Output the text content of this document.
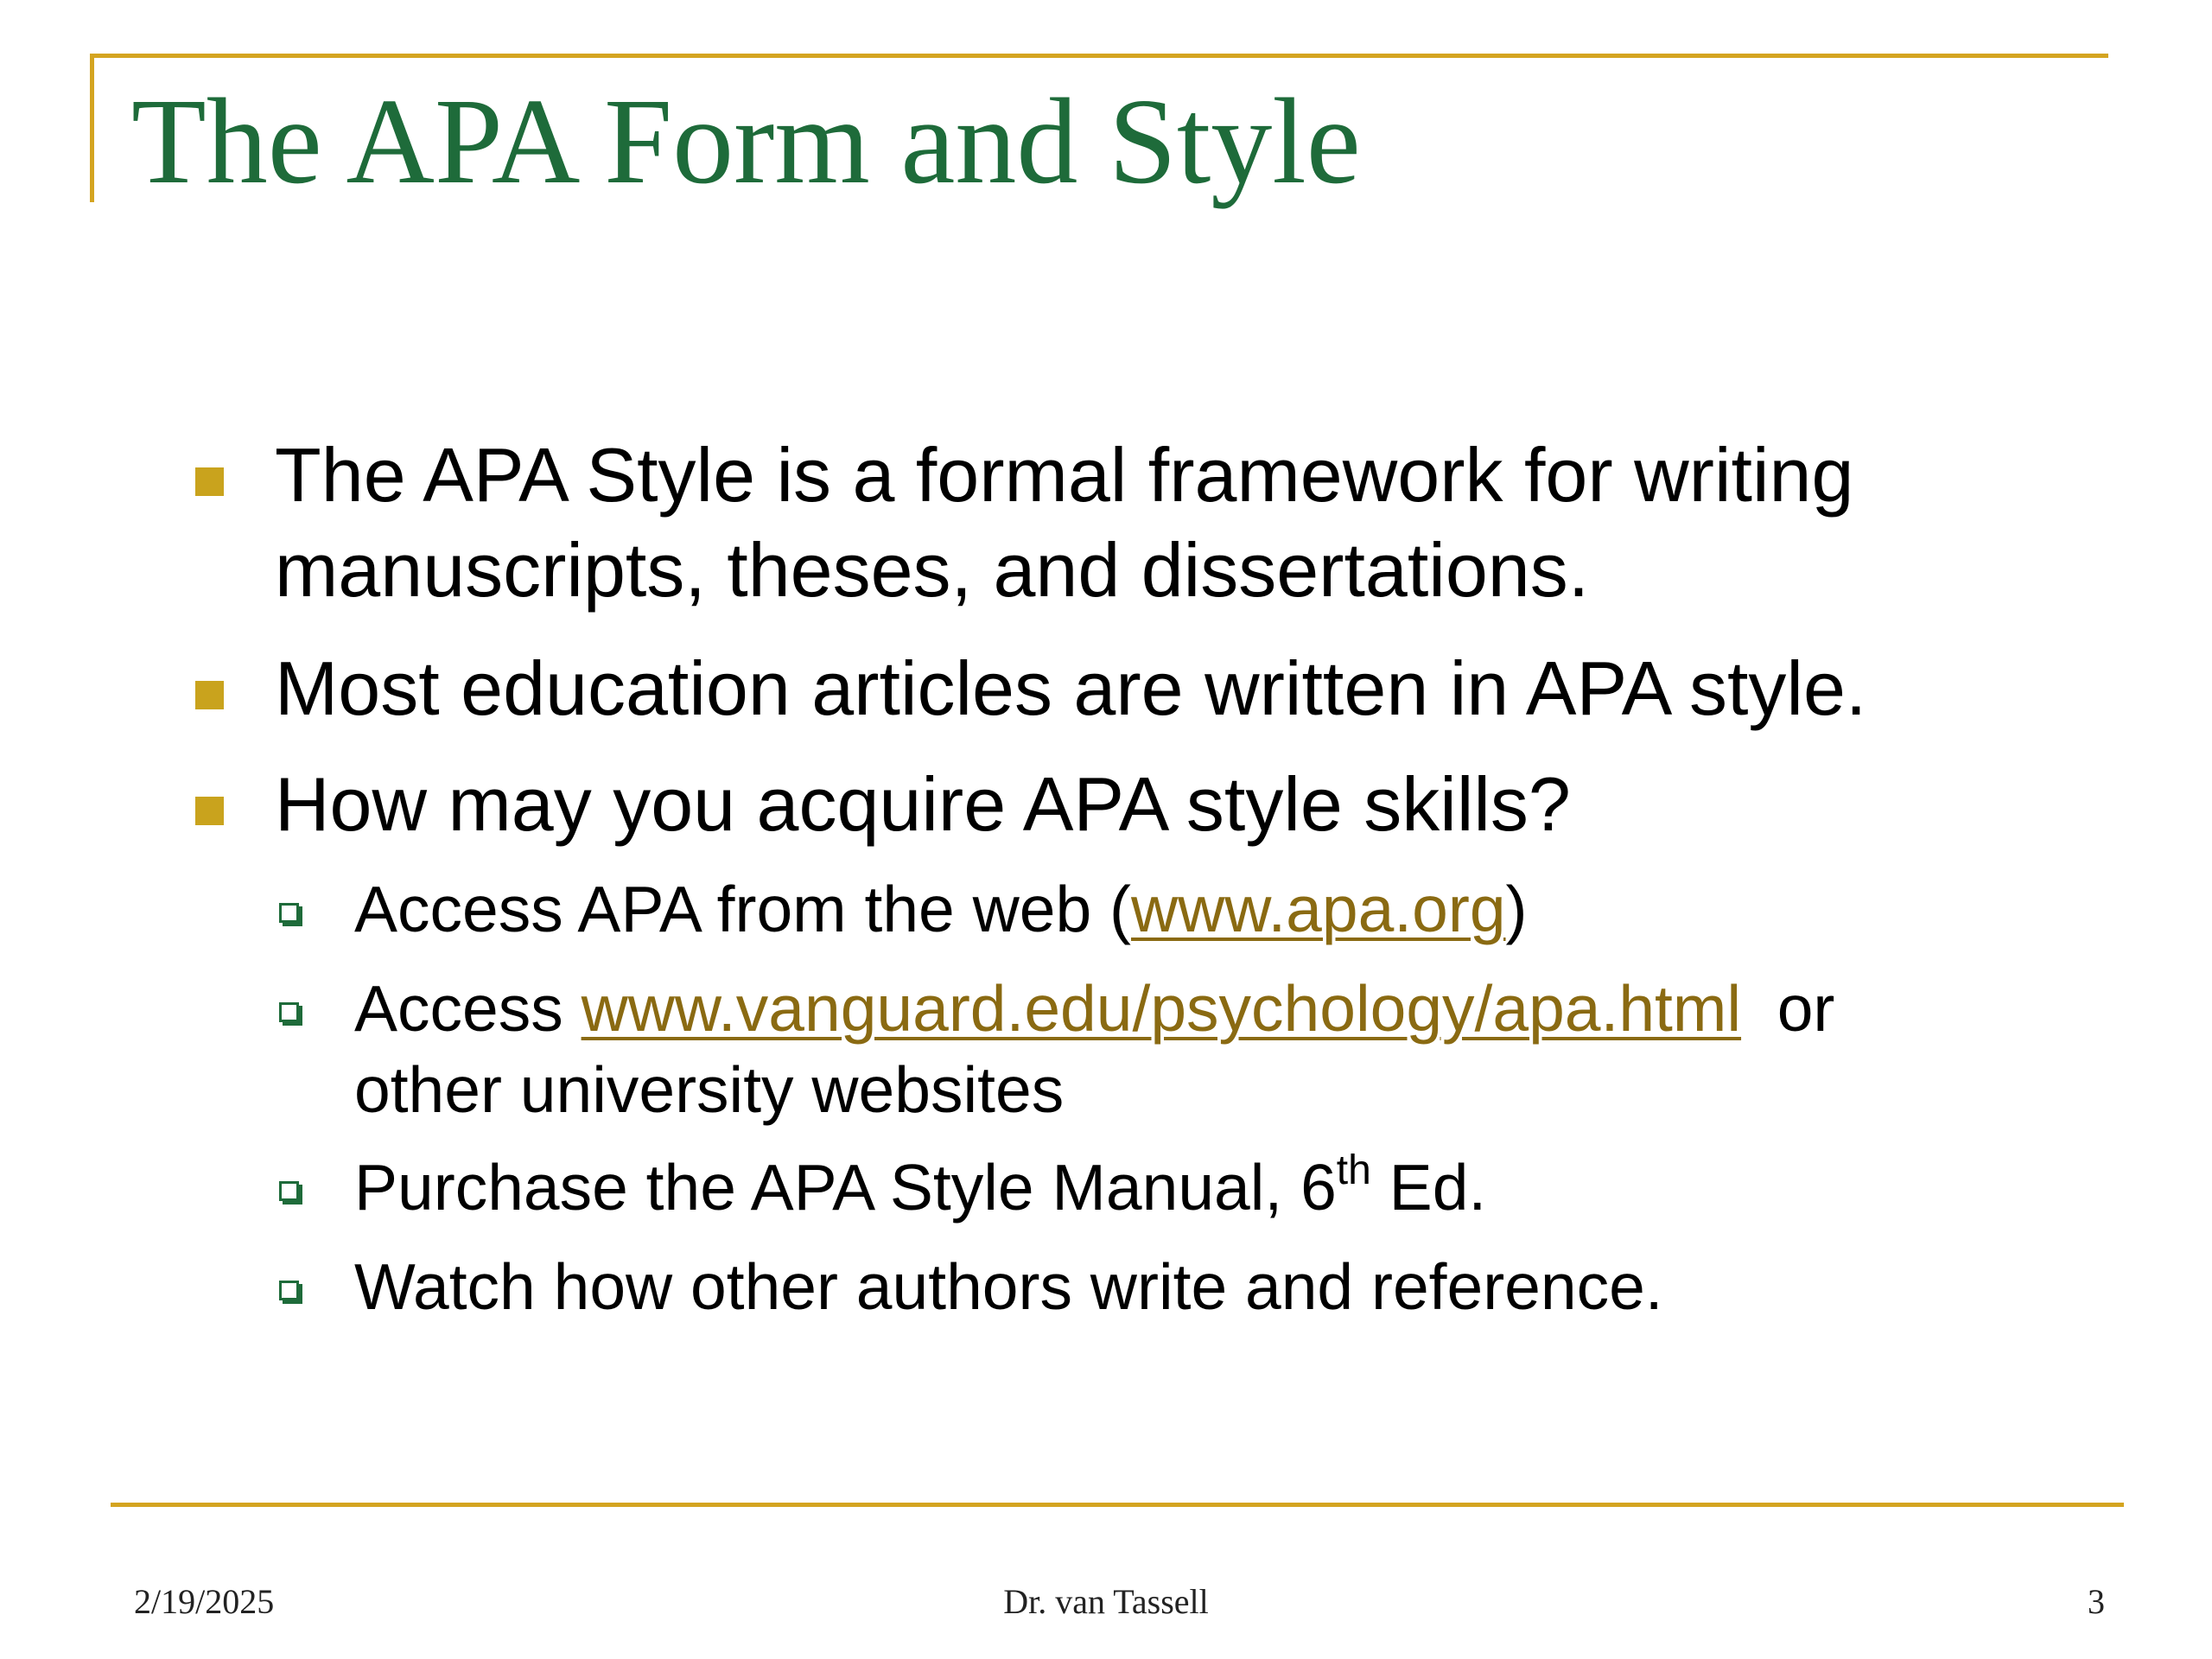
The APA Form and Style
The APA Style is a formal framework for writing
manuscripts, theses, and dissertations.
Most education articles are written in APA style.
How may you acquire APA style skills?
Access APA from the web (www.apa.org)
Access www.vanguard.edu/psychology/apa.html  or
other university websites
Purchase the APA Style Manual, 6th Ed.
Watch how other authors write and reference.
2/19/2025	Dr. van Tassell	3
